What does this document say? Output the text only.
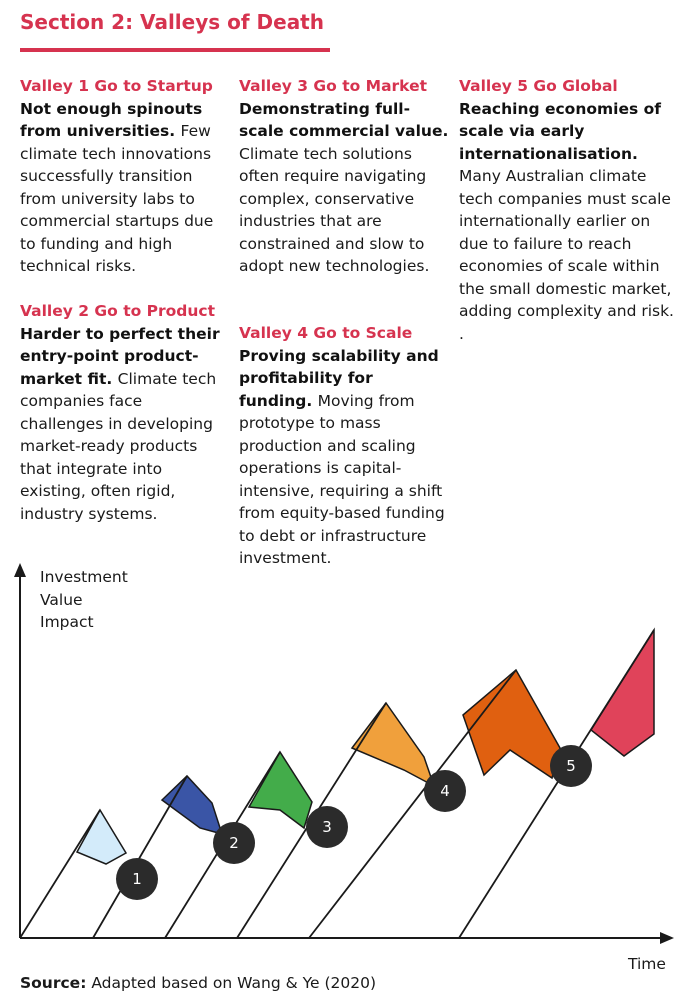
Section 2: Valleys of Death
Valley 1 Go to Startup
Not enough spinouts from universities. Few climate tech innovations successfully transition from university labs to commercial startups due to funding and high technical risks.
Valley 2 Go to Product
Harder to perfect their entry-point product-market fit. Climate tech companies face challenges in developing market-ready products that integrate into existing, often rigid, industry systems.
Valley 3 Go to Market
Demonstrating full-scale commercial value. Climate tech solutions often require navigating complex, conservative industries that are constrained and slow to adopt new technologies.
Valley 4 Go to Scale
Proving scalability and profitability for funding. Moving from prototype to mass production and scaling operations is capital-intensive, requiring a shift from equity-based funding to debt or infrastructure investment.
Valley 5 Go Global
Reaching economies of scale via early internationalisation. Many Australian climate tech companies must scale internationally earlier on due to failure to reach economies of scale within the small domestic market, adding complexity and risk.
.
1
2
3
4
5
Investment
Value
Impact
Time
Source: Adapted based on Wang & Ye (2020)
